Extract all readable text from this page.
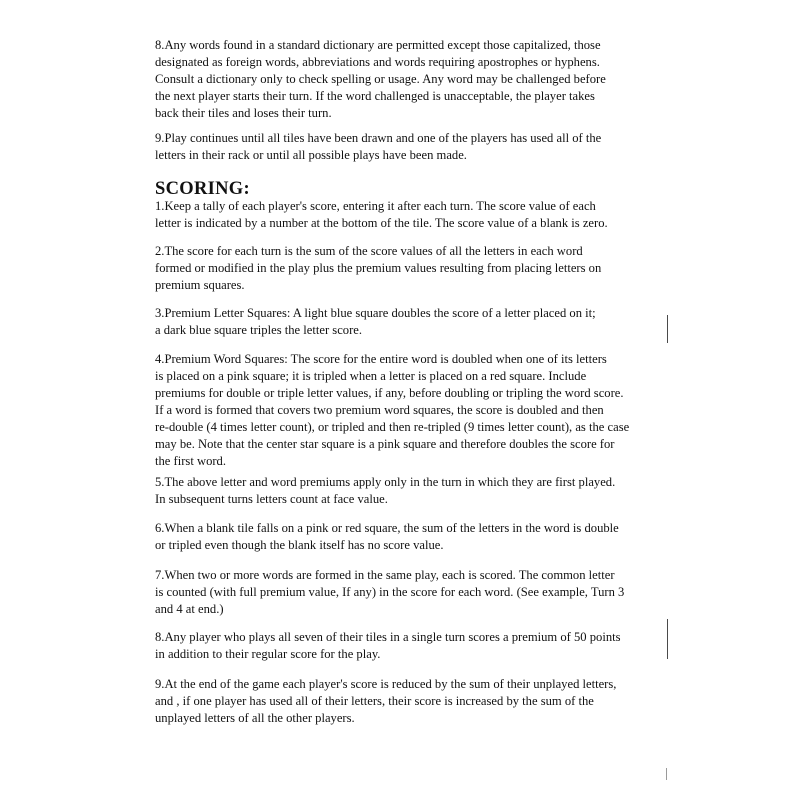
8.Any words found in a standard dictionary are permitted except those capitalized, those
designated as foreign words, abbreviations and words requiring apostrophes or hyphens.
Consult a dictionary only to check spelling or usage. Any word may be challenged before
the next player starts their turn. If the word challenged is unacceptable, the player takes
back their tiles and loses their turn.

9.Play continues until all tiles have been drawn and one of the players has used all of the
letters in their rack or until all possible plays have been made.

SCORING:

1.Keep a tally of each player's score, entering it after each turn. The score value of each
letter is indicated by a number at the bottom of the tile. The score value of a blank is zero.

2.The score for each turn is the sum of the score values of all the letters in each word
formed or modified in the play plus the premium values resulting from placing letters on
premium squares.

3.Premium Letter Squares: A light blue square doubles the score of a letter placed on it;
a dark blue square triples the letter score.

4.Premium Word Squares: The score for the entire word is doubled when one of its letters
is placed on a pink square; it is tripled when a letter is placed on a red square. Include
premiums for double or triple letter values, if any, before doubling or tripling the word score.
If a word is formed that covers two premium word squares, the score is doubled and then
re-double (4 times letter count), or tripled and then re-tripled (9 times letter count), as the case
may be. Note that the center star square is a pink square and therefore doubles the score for
the first word.

5.The above letter and word premiums apply only in the turn in which they are first played.
In subsequent turns letters count at face value.

6.When a blank tile falls on a pink or red square, the sum of the letters in the word is double
or tripled even though the blank itself has no score value.

7.When two or more words are formed in the same play, each is scored. The common letter
is counted (with full premium value, If any) in the score for each word. (See example, Turn 3
and 4 at end.)

8.Any player who plays all seven of their tiles in a single turn scores a premium of 50 points
in addition to their regular score for the play.

9.At the end of the game each player's score is reduced by the sum of their unplayed letters,
and , if one player has used all of their letters, their score is increased by the sum of the
unplayed letters of all the other players.
